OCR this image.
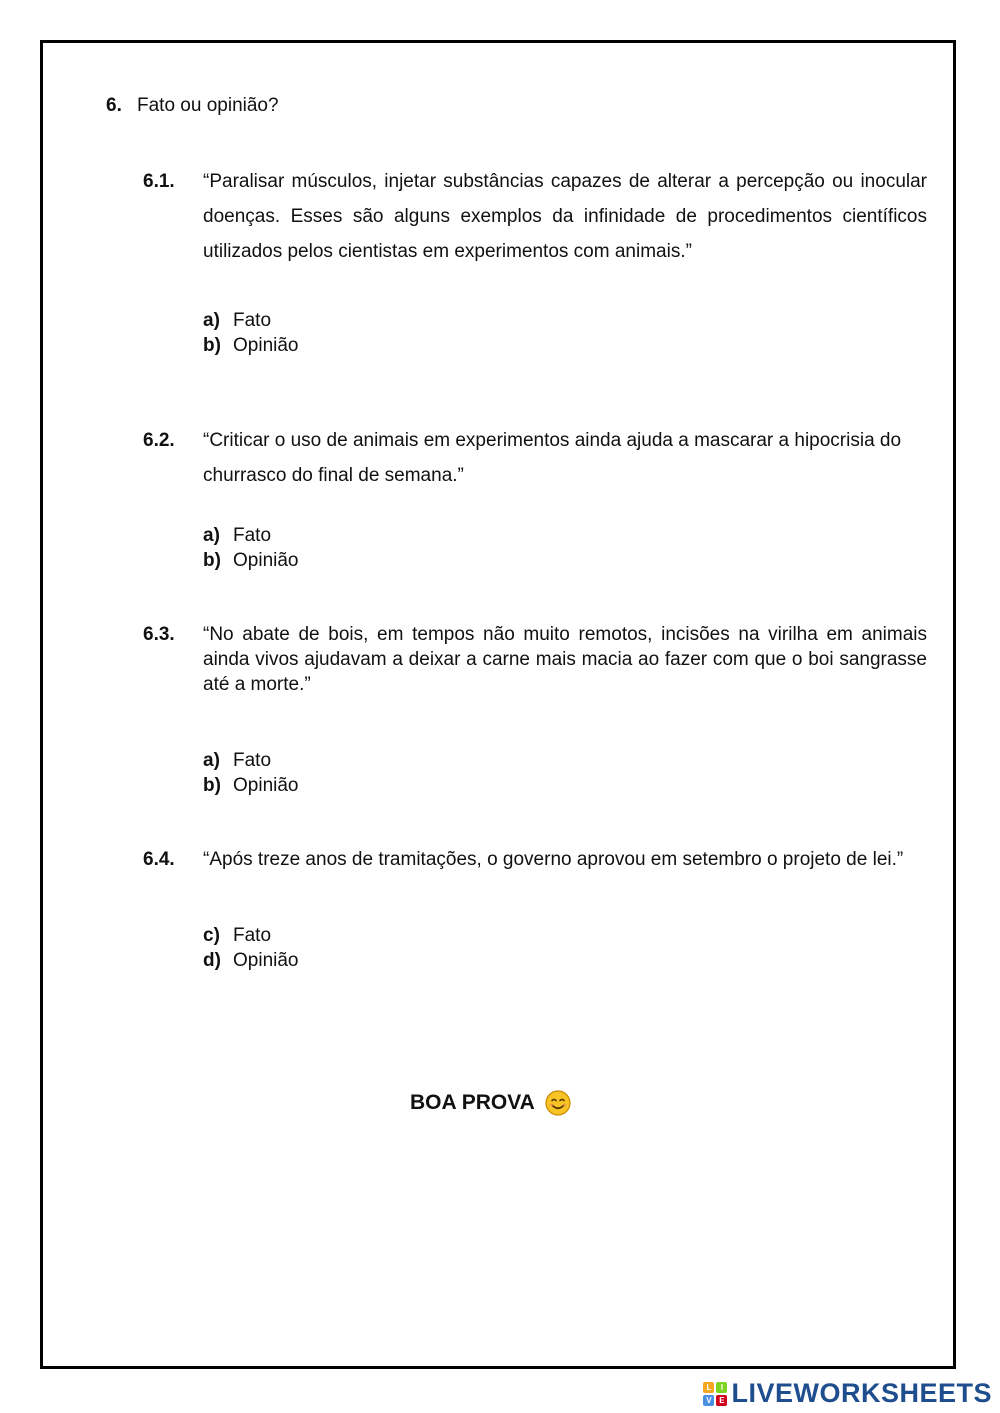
6. Fato ou opinião?
6.1. “Paralisar músculos, injetar substâncias capazes de alterar a percepção ou inocular doenças. Esses são alguns exemplos da infinidade de procedimentos científicos utilizados pelos cientistas em experimentos com animais.”
a) Fato
b) Opinião
6.2. “Criticar o uso de animais em experimentos ainda ajuda a mascarar a hipocrisia do churrasco do final de semana.”
a) Fato
b) Opinião
6.3. “No abate de bois, em tempos não muito remotos, incisões na virilha em animais ainda vivos ajudavam a deixar a carne mais macia ao fazer com que o boi sangrasse até a morte.”
a) Fato
b) Opinião
6.4. “Após treze anos de tramitações, o governo aprovou em setembro o projeto de lei.”
c) Fato
d) Opinião
BOA PROVA
L	I
V E LIVEWORKSHEETS
